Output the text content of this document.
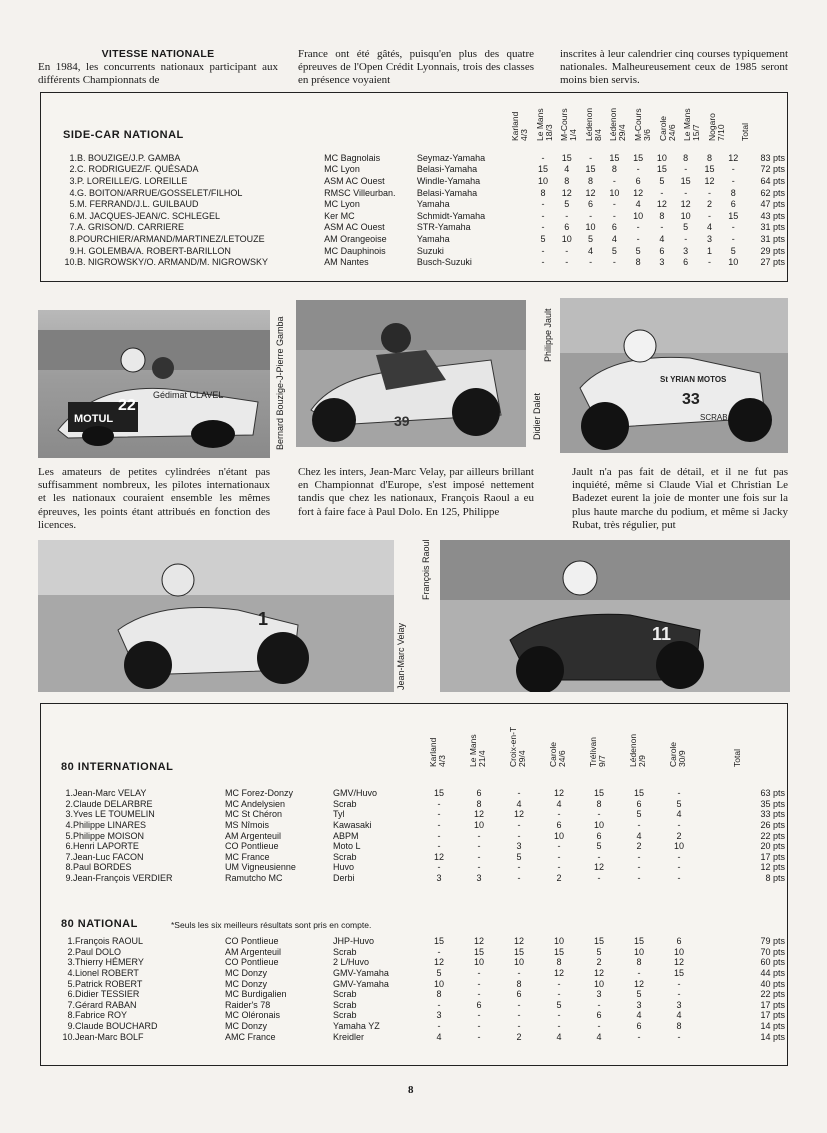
VITESSE NATIONALE
En 1984, les concurrents nationaux participant aux différents Championnats de
France ont été gâtés, puisqu'en plus des quatre épreuves de l'Open Crédit Lyonnais, trois des classes en présence voyaient
inscrites à leur calendrier cinq courses typiquement nationales. Malheureusement ceux de 1985 seront moins bien servis.
SIDE-CAR NATIONAL	Karland 4/3 Le Mans 18/3 M-Cours 1/4 Lédenon 8/4 Lédenon 29/4 M-Cours 3/6 Carole 24/6 Le Mans 15/7 Nogaro 7/10 Total
1.B. BOUZIGE/J.P. GAMBA	MC Bagnolais	Seymaz-Yamaha	-	15	-	15	15	10	8	8	12	83 pts
2.C. RODRIGUEZ/F. QUÉSADA	MC Lyon	Belasi-Yamaha	15	4	15	8	-	15	-	15	-	72 pts
3.P. LOREILLE/G. LOREILLE	ASM AC Ouest	Windle-Yamaha	10	8	8	-	6	5	15	12	-	64 pts
4.G. BOITON/ARRUE/GOSSELET/FILHOL	RMSC Villeurban.	Belasi-Yamaha	8	12	12	10	12	-	-	-	8	62 pts
5.M. FERRAND/J.L. GUILBAUD	MC Lyon	Yamaha	-	5	6	-	4	12	12	2	6	47 pts
6.M. JACQUES-JEAN/C. SCHLEGEL	Ker MC	Schmidt-Yamaha	-	-	-	-	10	8	10	-	15	43 pts
7.A. GRISON/D. CARRIERE	ASM AC Ouest	STR-Yamaha	-	6	10	6	-	-	5	4	-	31 pts
8.POURCHIER/ARMAND/MARTINEZ/LETOUZE	AM Orangeoise	Yamaha	5	10	5	4	-	4	-	3	-	31 pts
9.H. GOLEMBA/A. ROBERT-BARILLON	MC Dauphinois	Suzuki	-	-	4	5	5	6	3	1	5	29 pts
10.B. NIGROWSKY/O. ARMAND/M. NIGROWSKY	AM Nantes	Busch-Suzuki	-	-	-	-	8	3	6	-	10	27 pts
MOTUL
22
Gédimat CLAVEL	Bernard Bouzige-J-Pierre Gamba	39	Didier Dalet
St YRIAN MOTOS
33
SCRAB
Philippe Jault
Les amateurs de petites cylindrées n'étant pas suffisamment nombreux, les pilotes internationaux et les nationaux couraient ensemble les mêmes épreuves, les points étant attribués en fonction des licences.
Chez les inters, Jean-Marc Velay, par ailleurs brillant en Championnat d'Europe, s'est imposé nettement tandis que chez les nationaux, François Raoul a eu fort à faire face à Paul Dolo. En 125, Philippe
Jault n'a pas fait de détail, et il ne fut pas inquiété, même si Claude Vial et Christian Le Badezet eurent la joie de monter une fois sur la plus haute marche du podium, et même si Jacky Rubat, très régulier, put
1
Jean-Marc Velay
François Raoul
11
80 INTERNATIONAL	Karland 4/3 Le Mans 21/4 Croix-en-T 29/4 Carole 24/6 Trélivan 9/7 Lédenon 2/9 Carole 30/9	Total
1.Jean-Marc VELAY	MC Forez-Donzy	GMV/Huvo	15	6	-	12	15	15	-	63 pts
2.Claude DELARBRE	MC Andelysien	Scrab	-	8	4	4	8	6	5	35 pts
3.Yves LE TOUMELIN	MC St Chéron	Tyl	-	12	12	-	-	5	4	33 pts
4.Philippe LINARES	MS Nîmois	Kawasaki	-	10	-	6	10	-	-	26 pts
5.Philippe MOISON	AM Argenteuil	ABPM	-	-	-	10	6	4	2	22 pts
6.Henri LAPORTE	CO Pontlieue	Moto L	-	-	3	-	5	2	10	20 pts
7.Jean-Luc FACON	MC France	Scrab	12	-	5	-	-	-	-	17 pts
8.Paul BORDES	UM Vigneusienne	Huvo	-	-	-	-	12	-	-	12 pts
9.Jean-François VERDIER	Ramutcho MC	Derbi	3	3	-	2	-	-	-	8 pts
80 NATIONAL	*Seuls les six meilleurs résultats sont pris en compte.
1.François RAOUL	CO Pontlieue	JHP-Huvo	15	12	12	10	15	15	6	79 pts
2.Paul DOLO	AM Argenteuil	Scrab	-	15	15	15	5	10	10	70 pts
3.Thierry HÉMERY	CO Pontlieue	2 L/Huvo	12	10	10	8	2	8	12	60 pts
4.Lionel ROBERT	MC Donzy	GMV-Yamaha	5	-	-	12	12	-	15	44 pts
5.Patrick ROBERT	MC Donzy	GMV-Yamaha	10	-	8	-	10	12	-	40 pts
6.Didier TESSIER	MC Burdigalien	Scrab	8	-	6	-	3	5	-	22 pts
7.Gérard RABAN	Raider's 78	Scrab	-	6	-	5	-	3	3	17 pts
8.Fabrice ROY	MC Oléronais	Scrab	3	-	-	-	6	4	4	17 pts
9.Claude BOUCHARD	MC Donzy	Yamaha YZ	-	-	-	-	-	6	8	14 pts
10.Jean-Marc BOLF	AMC France	Kreidler	4	-	2	4	4	-	-	14 pts
8
